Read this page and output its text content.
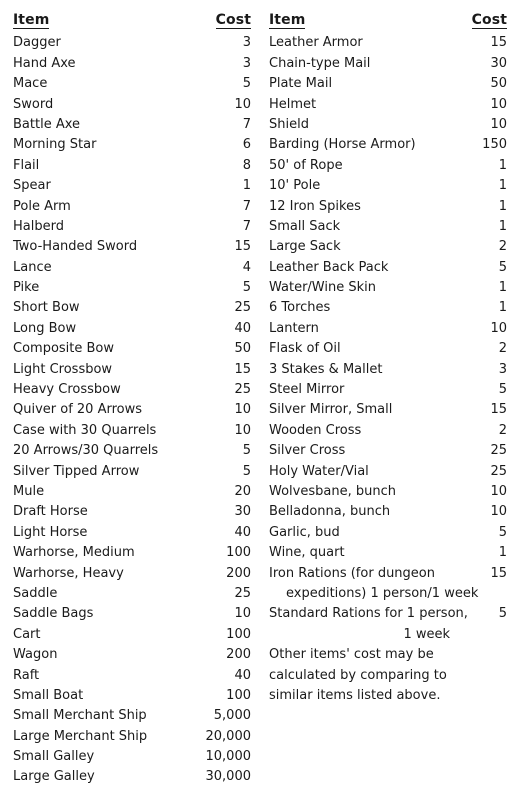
Item	Cost
Dagger	3
Hand Axe	3
Mace	5
Sword	10
Battle Axe	7
Morning Star	6
Flail	8
Spear	1
Pole Arm	7
Halberd	7
Two-Handed Sword	15
Lance	4
Pike	5
Short Bow	25
Long Bow	40
Composite Bow	50
Light Crossbow	15
Heavy Crossbow	25
Quiver of 20 Arrows	10
Case with 30 Quarrels	10
20 Arrows/30 Quarrels	5
Silver Tipped Arrow	5
Mule	20
Draft Horse	30
Light Horse	40
Warhorse, Medium	100
Warhorse, Heavy	200
Saddle	25
Saddle Bags	10
Cart	100
Wagon	200
Raft	40
Small Boat	100
Small Merchant Ship	5,000
Large Merchant Ship	20,000
Small Galley	10,000
Large Galley	30,000
Item	Cost
Leather Armor	15
Chain-type Mail	30
Plate Mail	50
Helmet	10
Shield	10
Barding (Horse Armor)	150
50' of Rope	1
10' Pole	1
12 Iron Spikes	1
Small Sack	1
Large Sack	2
Leather Back Pack	5
Water/Wine Skin	1
6 Torches	1
Lantern	10
Flask of Oil	2
3 Stakes & Mallet	3
Steel Mirror	5
Silver Mirror, Small	15
Wooden Cross	2
Silver Cross	25
Holy Water/Vial	25
Wolvesbane, bunch	10
Belladonna, bunch	10
Garlic, bud	5
Wine, quart	1
Iron Rations (for dungeon
expeditions) 1 person/1 week
15
Standard Rations for 1 person,
1 week
5
Other items' cost may be
calculated by comparing to
similar items listed above.
